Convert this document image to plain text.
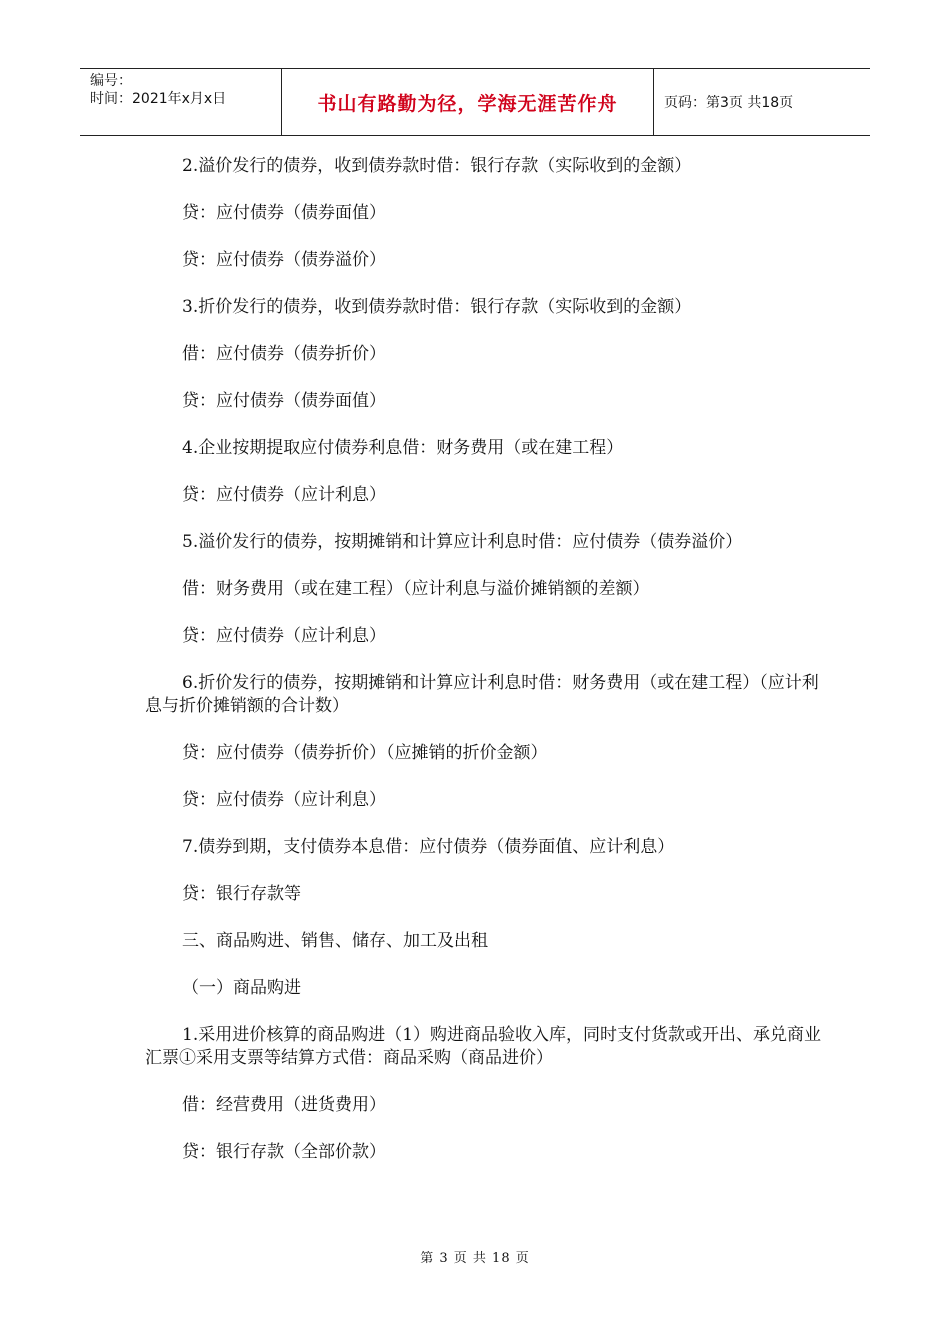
编号：
时间：2021年x月x日	书山有路勤为径，学海无涯苦作舟	页码：第3页 共18页

2.溢价发行的债券，收到债券款时借：银行存款（实际收到的金额）

贷：应付债券（债券面值）

贷：应付债券（债券溢价）

3.折价发行的债券，收到债券款时借：银行存款（实际收到的金额）

借：应付债券（债券折价）

贷：应付债券（债券面值）

4.企业按期提取应付债券利息借：财务费用（或在建工程）

贷：应付债券（应计利息）

5.溢价发行的债券，按期摊销和计算应计利息时借：应付债券（债券溢价）

借：财务费用（或在建工程）（应计利息与溢价摊销额的差额）

贷：应付债券（应计利息）

6.折价发行的债券，按期摊销和计算应计利息时借：财务费用（或在建工程）（应计利息与折价摊销额的合计数）

贷：应付债券（债券折价）（应摊销的折价金额）

贷：应付债券（应计利息）

7.债券到期，支付债券本息借：应付债券（债券面值、应计利息）

贷：银行存款等

三、商品购进、销售、储存、加工及出租

（一）商品购进

1.采用进价核算的商品购进（1）购进商品验收入库，同时支付货款或开出、承兑商业汇票①采用支票等结算方式借：商品采购（商品进价）

借：经营费用（进货费用）

贷：银行存款（全部价款）

第 3 页 共 18 页
